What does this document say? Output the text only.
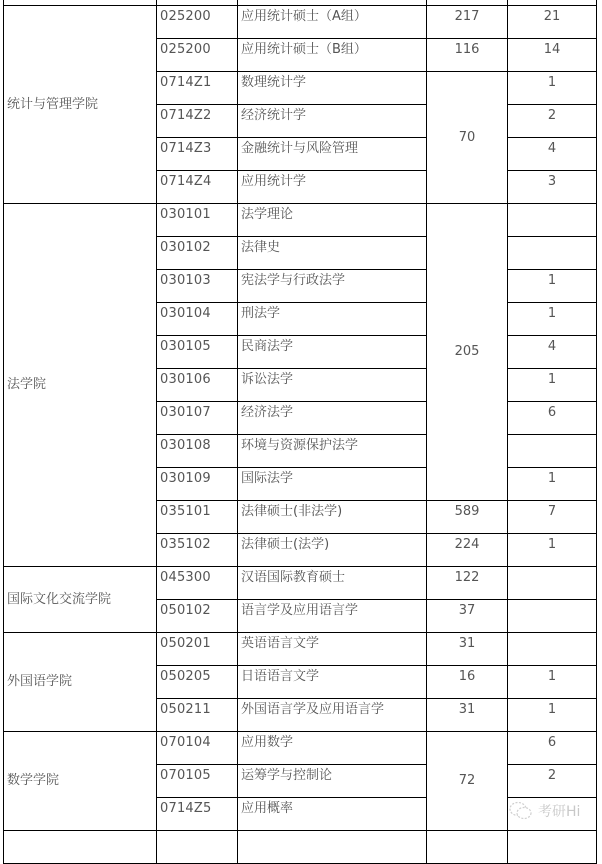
统计与管理学院	025200	应用统计硕士（A组）	217	21
	025200	应用统计硕士（B组）	116	14
	0714Z1	数理统计学	70	1
	0714Z2	经济统计学		2
	0714Z3	金融统计与风险管理		4
	0714Z4	应用统计学		3
法学院	030101	法学理论	205	
	030102	法律史		
	030103	宪法学与行政法学		1
	030104	刑法学		1
	030105	民商法学		4
	030106	诉讼法学		1
	030107	经济法学		6
	030108	环境与资源保护法学		
	030109	国际法学		1
	035101	法律硕士(非法学)	589	7
	035102	法律硕士(法学)	224	1
国际文化交流学院	045300	汉语国际教育硕士	122	
	050102	语言学及应用语言学	37	
外国语学院	050201	英语语言文学	31	
	050205	日语语言文学	16	1
	050211	外国语言学及应用语言学	31	1
数学学院	070104	应用数学	72	6
	070105	运筹学与控制论		2
	0714Z5	应用概率		
					考研Hi
